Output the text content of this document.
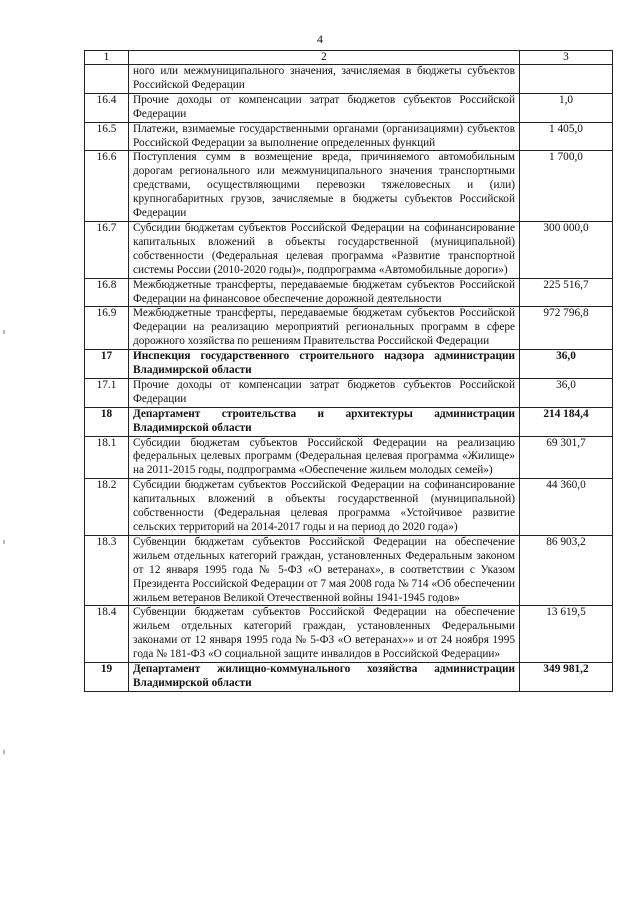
4
1	2	3
	ного или межмуниципального значения, зачисляемая в бюджеты субъектов Российской Федерации	
16.4	Прочие доходы от компенсации затрат бюджетов субъектов Российской Федерации	1,0
16.5	Платежи, взимаемые государственными органами (организациями) субъектов Российской Федерации за выполнение определенных функций	1 405,0
16.6	Поступления сумм в возмещение вреда, причиняемого автомобильным дорогам регионального или межмуниципального значения транспортными средствами, осуществляющими перевозки тяжеловесных и (или) крупногабаритных грузов, зачисляемые в бюджеты субъектов Российской Федерации	1 700,0
16.7	Субсидии бюджетам субъектов Российской Федерации на софинансирование капитальных вложений в объекты государственной (муниципальной) собственности (Федеральная целевая программа «Развитие транспортной системы России (2010-2020 годы)», подпрограмма «Автомобильные дороги»)	300 000,0
16.8	Межбюджетные трансферты, передаваемые бюджетам субъектов Российской Федерации на финансовое обеспечение дорожной деятельности	225 516,7
16.9	Межбюджетные трансферты, передаваемые бюджетам субъектов Российской Федерации на реализацию мероприятий региональных программ в сфере дорожного хозяйства по решениям Правительства Российской Федерации	972 796,8
17	Инспекция государственного строительного надзора администрации Владимирской области	36,0
17.1	Прочие доходы от компенсации затрат бюджетов субъектов Российской Федерации	36,0
18	Департамент строительства и архитектуры администрации Владимирской области	214 184,4
18.1	Субсидии бюджетам субъектов Российской Федерации на реализацию федеральных целевых программ (Федеральная целевая программа «Жилище» на 2011-2015 годы, подпрограмма «Обеспечение жильем молодых семей»)	69 301,7
18.2	Субсидии бюджетам субъектов Российской Федерации на софинансирование капитальных вложений в объекты государственной (муниципальной) собственности (Федеральная целевая программа «Устойчивое развитие сельских территорий на 2014-2017 годы и на период до 2020 года»)	44 360,0
18.3	Субвенции бюджетам субъектов Российской Федерации на обеспечение жильем отдельных категорий граждан, установленных Федеральным законом от 12 января 1995 года № 5-ФЗ «О ветеранах», в соответствии с Указом Президента Российской Федерации от 7 мая 2008 года № 714 «Об обеспечении жильем ветеранов Великой Отечественной войны 1941-1945 годов»	86 903,2
18.4	Субвенции бюджетам субъектов Российской Федерации на обеспечение жильем отдельных категорий граждан, установленных Федеральными законами от 12 января 1995 года № 5-ФЗ «О ветеранах»» и от 24 ноября 1995 года № 181-ФЗ «О социальной защите инвалидов в Российской Федерации»	13 619,5
19	Департамент жилищно-коммунального хозяйства администрации Владимирской области	349 981,2
